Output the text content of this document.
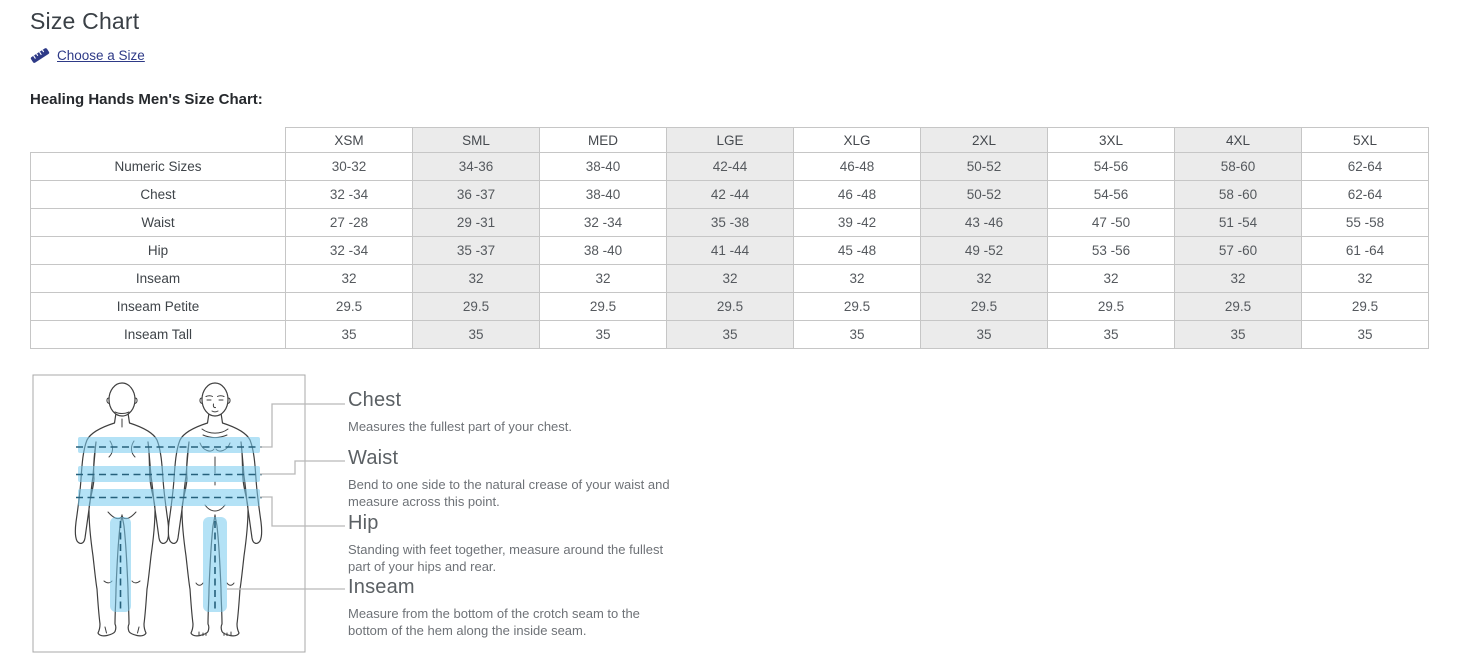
Size Chart
Choose a Size
Healing Hands Men's Size Chart:
	XSM	SML	MED	LGE	XLG	2XL	3XL	4XL	5XL
Numeric Sizes	30-32	34-36	38-40	42-44	46-48	50-52	54-56	58-60	62-64
Chest	32 -34	36 -37	38-40	42 -44	46 -48	50-52	54-56	58 -60	62-64
Waist	27 -28	29 -31	32 -34	35 -38	39 -42	43 -46	47 -50	51 -54	55 -58
Hip	32 -34	35 -37	38 -40	41 -44	45 -48	49 -52	53 -56	57 -60	61 -64
Inseam	32	32	32	32	32	32	32	32	32
Inseam Petite	29.5	29.5	29.5	29.5	29.5	29.5	29.5	29.5	29.5
Inseam Tall	35	35	35	35	35	35	35	35	35
Chest

Measures the fullest part of your chest.

Waist

Bend to one side to the natural crease of your waist and measure across this point.

Hip

Standing with feet together, measure around the fullest part of your hips and rear.

Inseam

Measure from the bottom of the crotch seam to the bottom of the hem along the inside seam.
